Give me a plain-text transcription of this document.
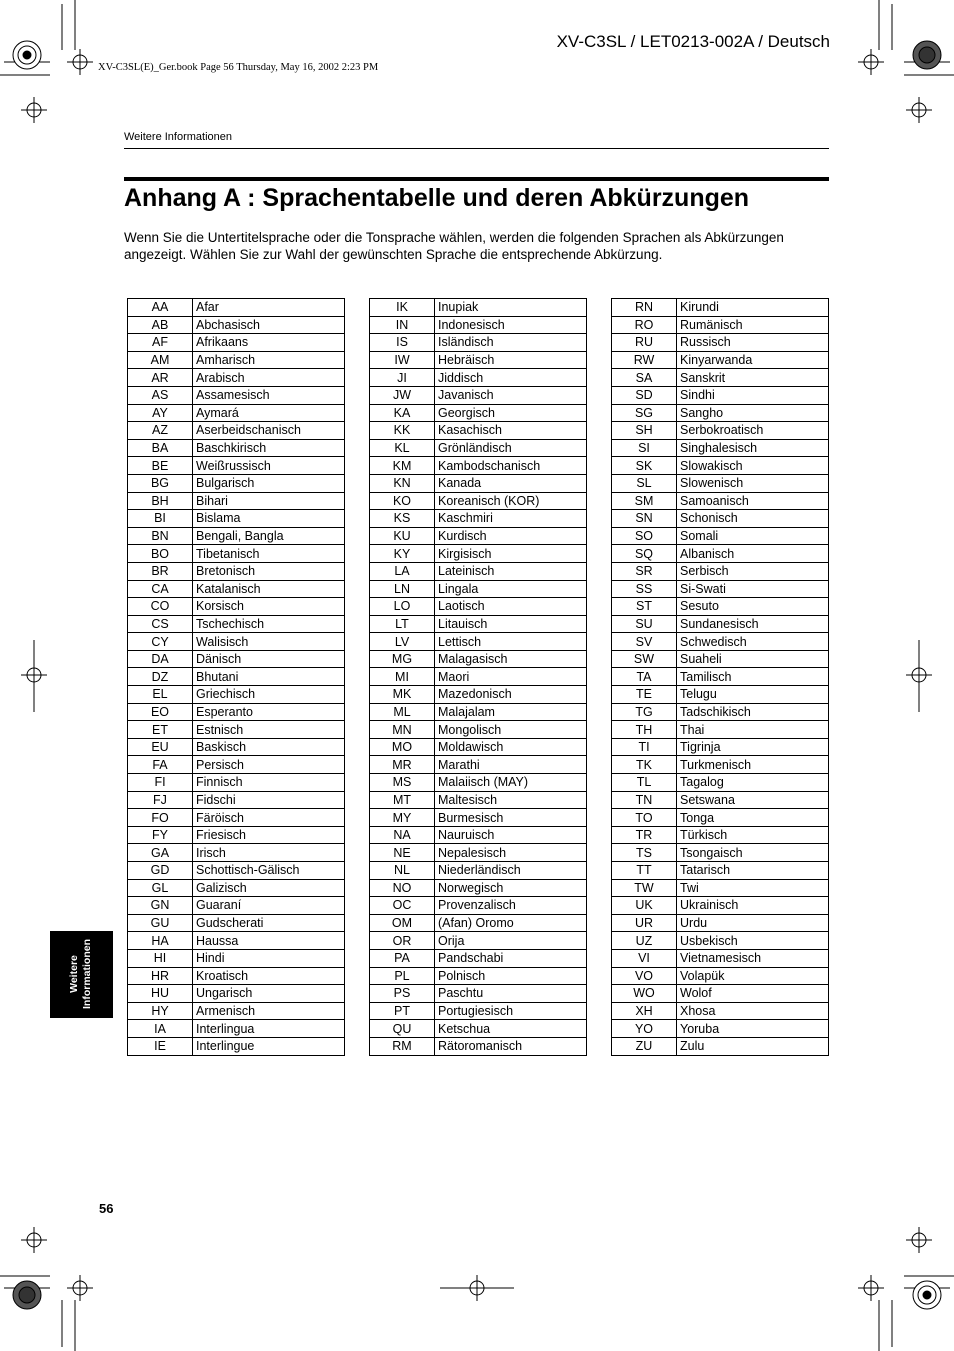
XV-C3SL(E)_Ger.book Page 56 Thursday, May 16, 2002 2:23 PM
XV-C3SL / LET0213-002A / Deutsch
Weitere Informationen
Anhang A : Sprachentabelle und deren Abkürzungen
Wenn Sie die Untertitelsprache oder die Tonsprache wählen, werden die folgenden Sprachen als Abkürzungen angezeigt. Wählen Sie zur Wahl der gewünschten Sprache die entsprechende Abkürzung.
AA	Afar
AB	Abchasisch
AF	Afrikaans
AM	Amharisch
AR	Arabisch
AS	Assamesisch
AY	Aymará
AZ	Aserbeidschanisch
BA	Baschkirisch
BE	Weißrussisch
BG	Bulgarisch
BH	Bihari
BI	Bislama
BN	Bengali, Bangla
BO	Tibetanisch
BR	Bretonisch
CA	Katalanisch
CO	Korsisch
CS	Tschechisch
CY	Walisisch
DA	Dänisch
DZ	Bhutani
EL	Griechisch
EO	Esperanto
ET	Estnisch
EU	Baskisch
FA	Persisch
FI	Finnisch
FJ	Fidschi
FO	Färöisch
FY	Friesisch
GA	Irisch
GD	Schottisch-Gälisch
GL	Galizisch
GN	Guaraní
GU	Gudscherati
HA	Haussa
HI	Hindi
HR	Kroatisch
HU	Ungarisch
HY	Armenisch
IA	Interlingua
IE	Interlingue
IK	Inupiak
IN	Indonesisch
IS	Isländisch
IW	Hebräisch
JI	Jiddisch
JW	Javanisch
KA	Georgisch
KK	Kasachisch
KL	Grönländisch
KM	Kambodschanisch
KN	Kanada
KO	Koreanisch (KOR)
KS	Kaschmiri
KU	Kurdisch
KY	Kirgisisch
LA	Lateinisch
LN	Lingala
LO	Laotisch
LT	Litauisch
LV	Lettisch
MG	Malagasisch
MI	Maori
MK	Mazedonisch
ML	Malajalam
MN	Mongolisch
MO	Moldawisch
MR	Marathi
MS	Malaiisch (MAY)
MT	Maltesisch
MY	Burmesisch
NA	Nauruisch
NE	Nepalesisch
NL	Niederländisch
NO	Norwegisch
OC	Provenzalisch
OM	(Afan) Oromo
OR	Orija
PA	Pandschabi
PL	Polnisch
PS	Paschtu
PT	Portugiesisch
QU	Ketschua
RM	Rätoromanisch
RN	Kirundi
RO	Rumänisch
RU	Russisch
RW	Kinyarwanda
SA	Sanskrit
SD	Sindhi
SG	Sangho
SH	Serbokroatisch
SI	Singhalesisch
SK	Slowakisch
SL	Slowenisch
SM	Samoanisch
SN	Schonisch
SO	Somali
SQ	Albanisch
SR	Serbisch
SS	Si-Swati
ST	Sesuto
SU	Sundanesisch
SV	Schwedisch
SW	Suaheli
TA	Tamilisch
TE	Telugu
TG	Tadschikisch
TH	Thai
TI	Tigrinja
TK	Turkmenisch
TL	Tagalog
TN	Setswana
TO	Tonga
TR	Türkisch
TS	Tsongaisch
TT	Tatarisch
TW	Twi
UK	Ukrainisch
UR	Urdu
UZ	Usbekisch
VI	Vietnamesisch
VO	Volapük
WO	Wolof
XH	Xhosa
YO	Yoruba
ZU	Zulu
Weitere
Informationen
56
